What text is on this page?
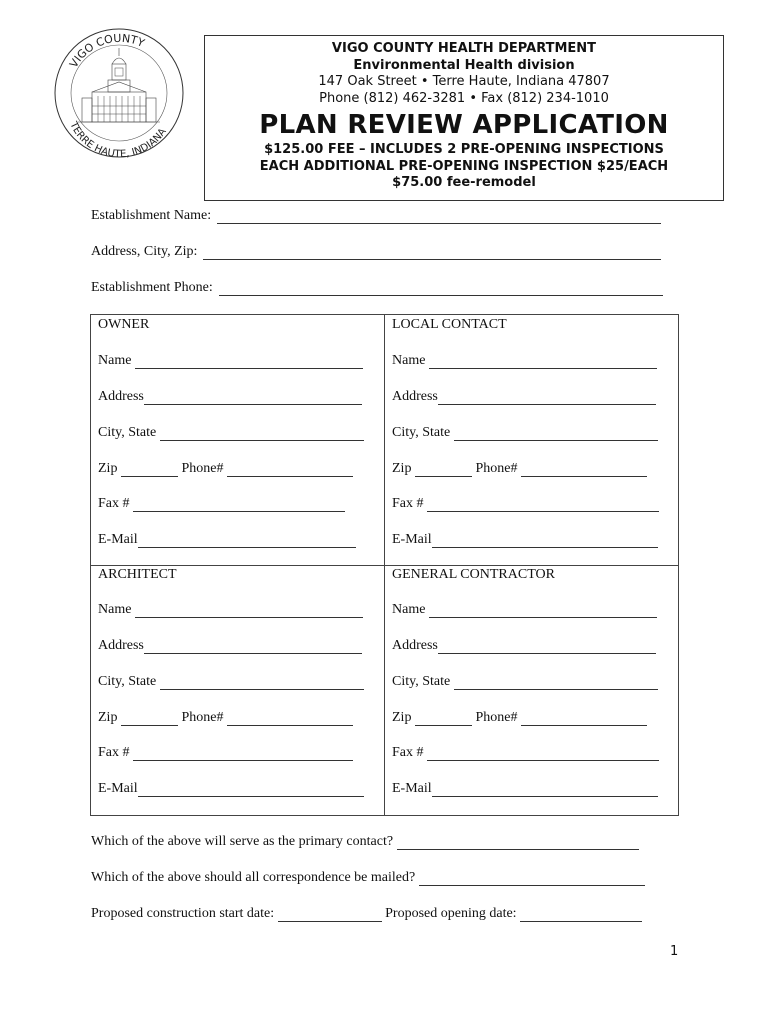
VIGO COUNTY
TERRE HAUTE, INDIANA
VIGO COUNTY HEALTH DEPARTMENT
Environmental Health division
147 Oak Street • Terre Haute, Indiana 47807
Phone (812) 462-3281 • Fax (812) 234-1010
PLAN REVIEW APPLICATION
$125.00 FEE – INCLUDES 2 PRE-OPENING INSPECTIONS
EACH ADDITIONAL PRE-OPENING INSPECTION $25/EACH
$75.00 fee-remodel
Establishment Name:
Address, City, Zip:
Establishment Phone:
OWNER
Name
Address
City, State
Zip	Phone#
Fax #
E-Mail
LOCAL CONTACT
Name
Address
City, State
Zip	Phone#
Fax #
E-Mail
ARCHITECT
Name
Address
City, State
Zip	Phone#
Fax #
E-Mail
GENERAL CONTRACTOR
Name
Address
City, State
Zip	Phone#
Fax #
E-Mail
Which of the above will serve as the primary contact?
Which of the above should all correspondence be mailed?
Proposed construction start date:	Proposed opening date:
1
